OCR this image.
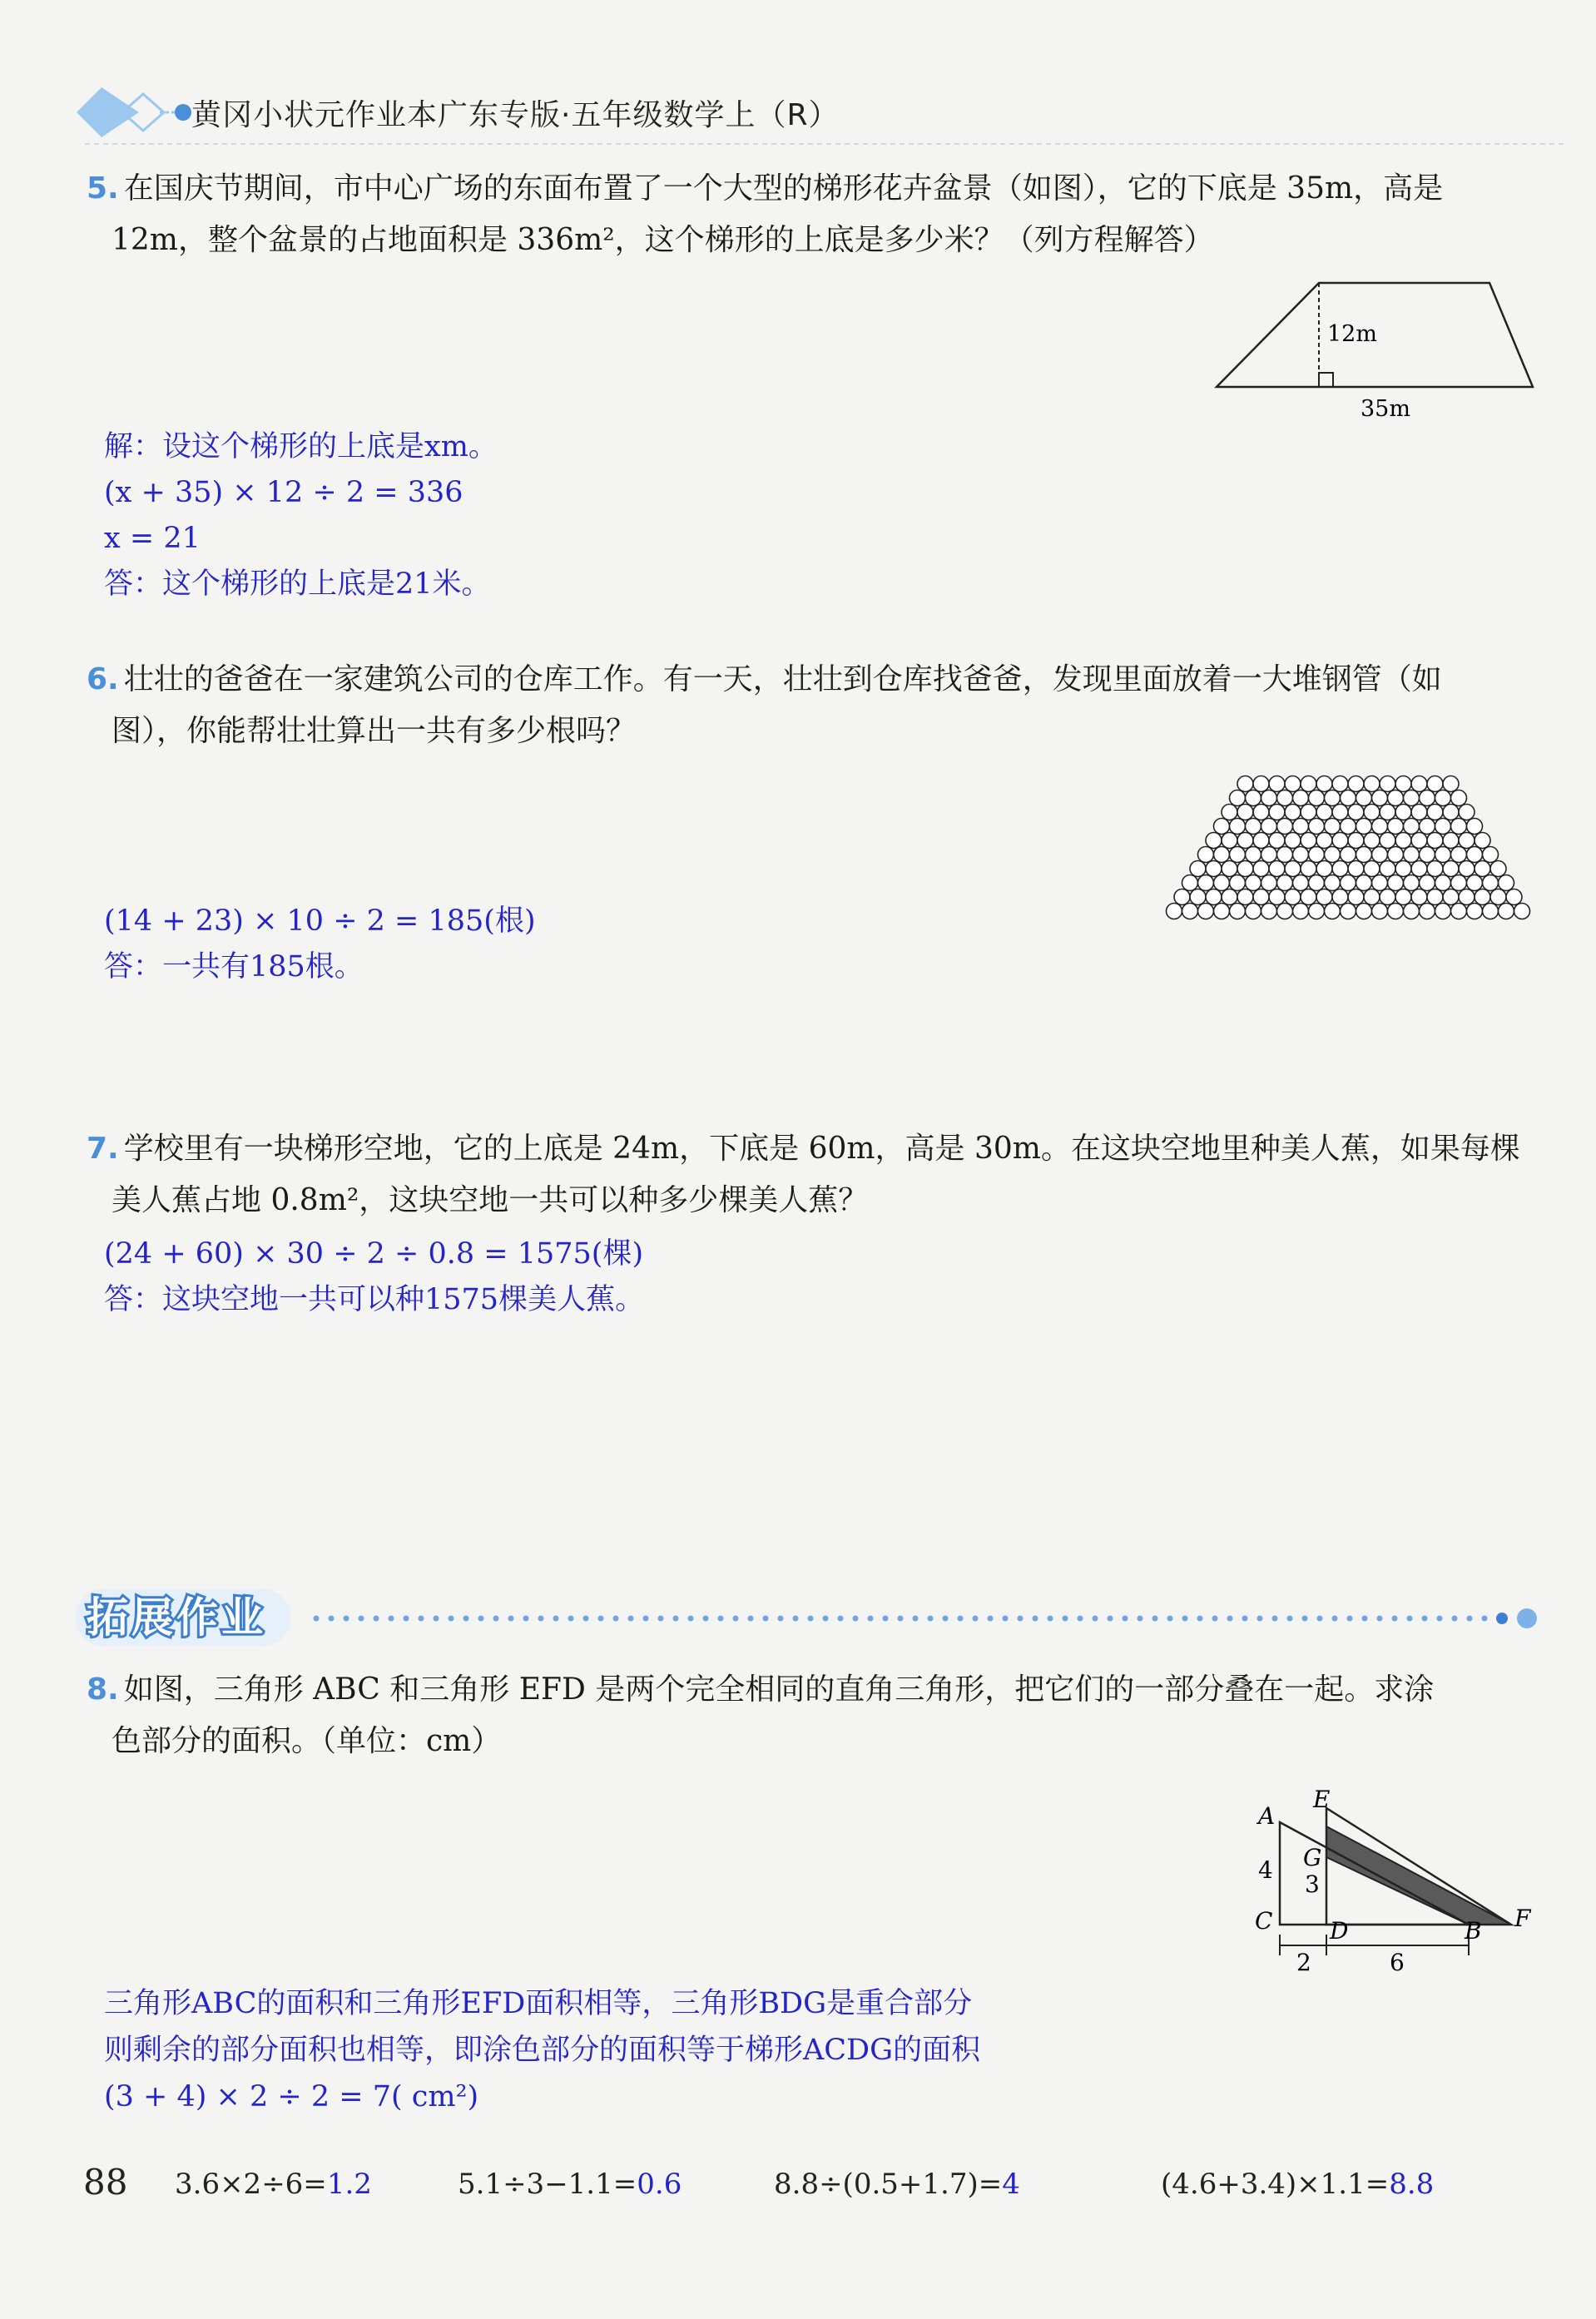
黄冈小状元作业本广东专版·五年级数学上（R）
5. 在国庆节期间，市中心广场的东面布置了一个大型的梯形花卉盆景（如图），它的下底是 35m，高是
12m，整个盆景的占地面积是 336m²，这个梯形的上底是多少米？（列方程解答）
12m
35m
解：设这个梯形的上底是xm。
(x + 35) × 12 ÷ 2 = 336
x = 21
答：这个梯形的上底是21米。
6. 壮壮的爸爸在一家建筑公司的仓库工作。有一天，壮壮到仓库找爸爸，发现里面放着一大堆钢管（如
图），你能帮壮壮算出一共有多少根吗？
(14 + 23) × 10 ÷ 2 = 185(根)
答：一共有185根。
7. 学校里有一块梯形空地，它的上底是 24m，下底是 60m，高是 30m。在这块空地里种美人蕉，如果每棵
美人蕉占地 0.8m²，这块空地一共可以种多少棵美人蕉？
(24 + 60) × 30 ÷ 2 ÷ 0.8 = 1575(棵)
答：这块空地一共可以种1575棵美人蕉。
拓展作业
8. 如图，三角形 ABC 和三角形 EFD 是两个完全相同的直角三角形，把它们的一部分叠在一起。求涂
色部分的面积。（单位：cm）
A
E
G
C D	B F
4
3
2	6
三角形ABC的面积和三角形EFD面积相等，三角形BDG是重合部分
则剩余的部分面积也相等，即涂色部分的面积等于梯形ACDG的面积
(3 + 4) × 2 ÷ 2 = 7( cm²)
88 3.6×2÷6=1.2	5.1÷3−1.1=0.6	8.8÷(0.5+1.7)=4	(4.6+3.4)×1.1=8.8
